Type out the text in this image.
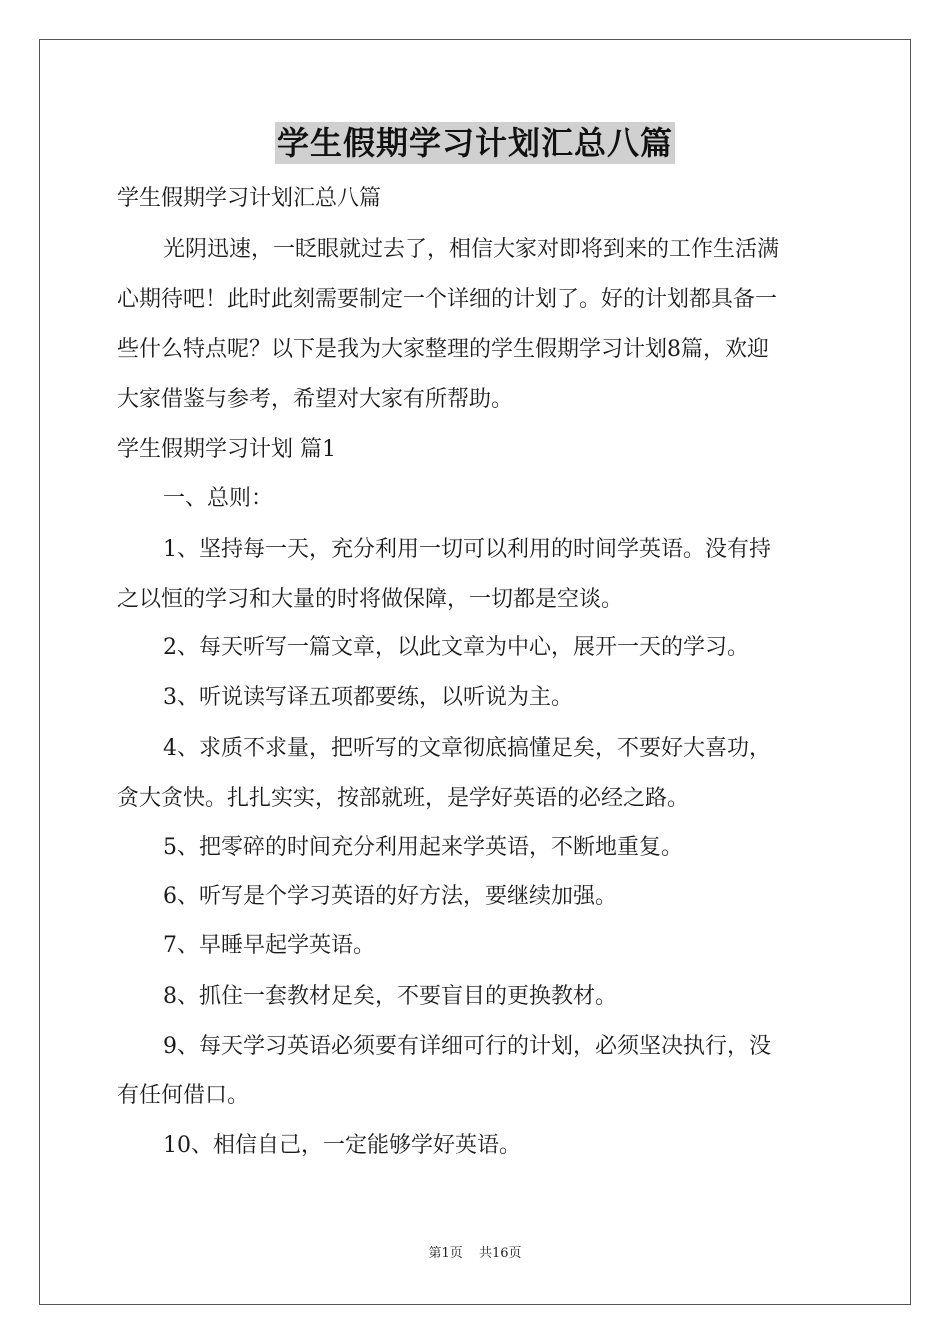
学生假期学习计划汇总八篇
学生假期学习计划汇总八篇
光阴迅速，一眨眼就过去了，相信大家对即将到来的工作生活满
心期待吧！此时此刻需要制定一个详细的计划了。好的计划都具备一
些什么特点呢？以下是我为大家整理的学生假期学习计划8篇，欢迎
大家借鉴与参考，希望对大家有所帮助。
学生假期学习计划 篇1
一、总则：
1、坚持每一天，充分利用一切可以利用的时间学英语。没有持
之以恒的学习和大量的时将做保障，一切都是空谈。
2、每天听写一篇文章，以此文章为中心，展开一天的学习。
3、听说读写译五项都要练，以听说为主。
4、求质不求量，把听写的文章彻底搞懂足矣，不要好大喜功，
贪大贪快。扎扎实实，按部就班，是学好英语的必经之路。
5、把零碎的时间充分利用起来学英语，不断地重复。
6、听写是个学习英语的好方法，要继续加强。
7、早睡早起学英语。
8、抓住一套教材足矣，不要盲目的更换教材。
9、每天学习英语必须要有详细可行的计划，必须坚决执行，没
有任何借口。
10、相信自己，一定能够学好英语。
第1页 共16页
